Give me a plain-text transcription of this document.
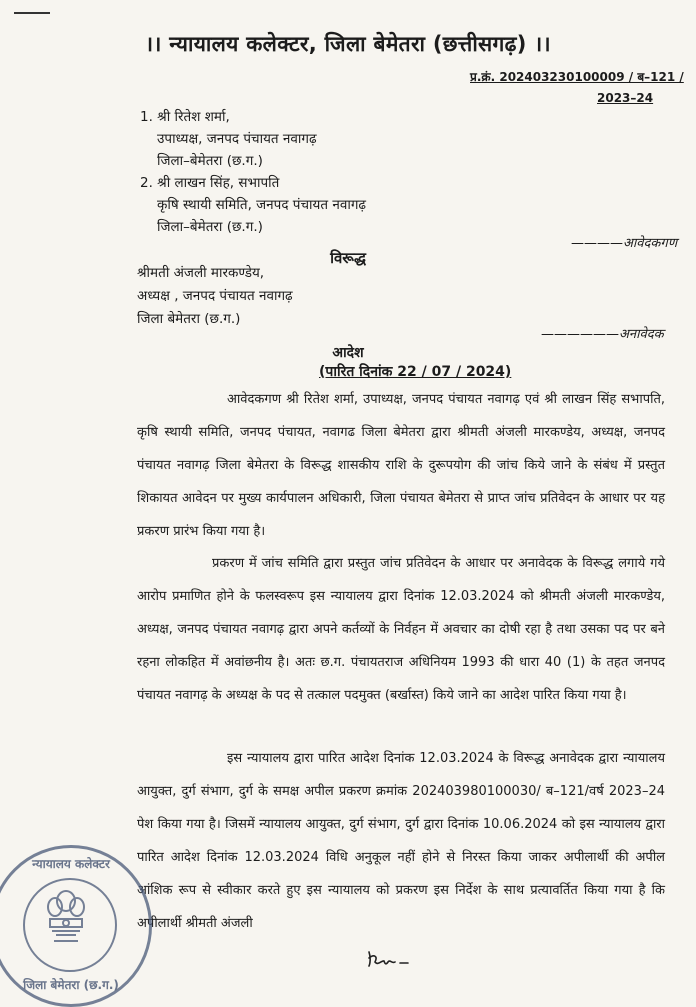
।। न्यायालय कलेक्टर, जिला बेमेतरा (छत्तीसगढ़) ।।
प्र.क्रं. 202403230100009 / ब–121 /
2023–24
1. श्री रितेश शर्मा,
उपाध्यक्ष, जनपद पंचायत नवागढ़
जिला–बेमेतरा (छ.ग.)
2. श्री लाखन सिंह, सभापति
कृषि स्थायी समिति, जनपद पंचायत नवागढ़
जिला–बेमेतरा (छ.ग.)
————आवेदकगण
विरूद्ध
श्रीमती अंजली मारकण्डेय,
अध्यक्ष , जनपद पंचायत नवागढ़
जिला बेमेतरा (छ.ग.)
——————अनावेदक
आदेश
(पारित दिनांक 22 / 07 / 2024)
आवेदकगण श्री रितेश शर्मा, उपाध्यक्ष, जनपद पंचायत नवागढ़ एवं श्री लाखन सिंह सभापति, कृषि स्थायी समिति, जनपद पंचायत, नवागढ जिला बेमेतरा द्वारा श्रीमती अंजली मारकण्डेय, अध्यक्ष, जनपद पंचायत नवागढ़ जिला बेमेतरा के विरूद्ध शासकीय राशि के दुरूपयोग की जांच किये जाने के संबंध में प्रस्तुत शिकायत आवेदन पर मुख्य कार्यपालन अधिकारी, जिला पंचायत बेमेतरा से प्राप्त जांच प्रतिवेदन के आधार पर यह प्रकरण प्रारंभ किया गया है।
प्रकरण में जांच समिति द्वारा प्रस्तुत जांच प्रतिवेदन के आधार पर अनावेदक के विरूद्ध लगाये गये आरोप प्रमाणित होने के फलस्वरूप इस न्यायालय द्वारा दिनांक 12.03.2024 को श्रीमती अंजली मारकण्डेय, अध्यक्ष, जनपद पंचायत नवागढ़ द्वारा अपने कर्तव्यों के निर्वहन में अवचार का दोषी रहा है तथा उसका पद पर बने रहना लोकहित में अवांछनीय है। अतः छ.ग. पंचायतराज अधिनियम 1993 की धारा 40 (1) के तहत जनपद पंचायत नवागढ़ के अध्यक्ष के पद से तत्काल पदमुक्त (बर्खास्त) किये जाने का आदेश पारित किया गया है।
इस न्यायालय द्वारा पारित आदेश दिनांक 12.03.2024 के विरूद्ध अनावेदक द्वारा न्यायालय आयुक्त, दुर्ग संभाग, दुर्ग के समक्ष अपील प्रकरण क्रमांक 202403980100030/ ब–121/वर्ष 2023–24 पेश किया गया है। जिसमें न्यायालय आयुक्त, दुर्ग संभाग, दुर्ग द्वारा दिनांक 10.06.2024 को इस न्यायालय द्वारा पारित आदेश दिनांक 12.03.2024 विधि अनुकूल नहीं होने से निरस्त किया जाकर अपीलार्थी की अपील आंशिक रूप से स्वीकार करते हुए इस न्यायालय को प्रकरण इस निर्देश के साथ प्रत्यावर्तित किया गया है कि अपीलार्थी श्रीमती अंजली
न्यायालय कलेक्टर
जिला बेमेतरा (छ.ग.)
